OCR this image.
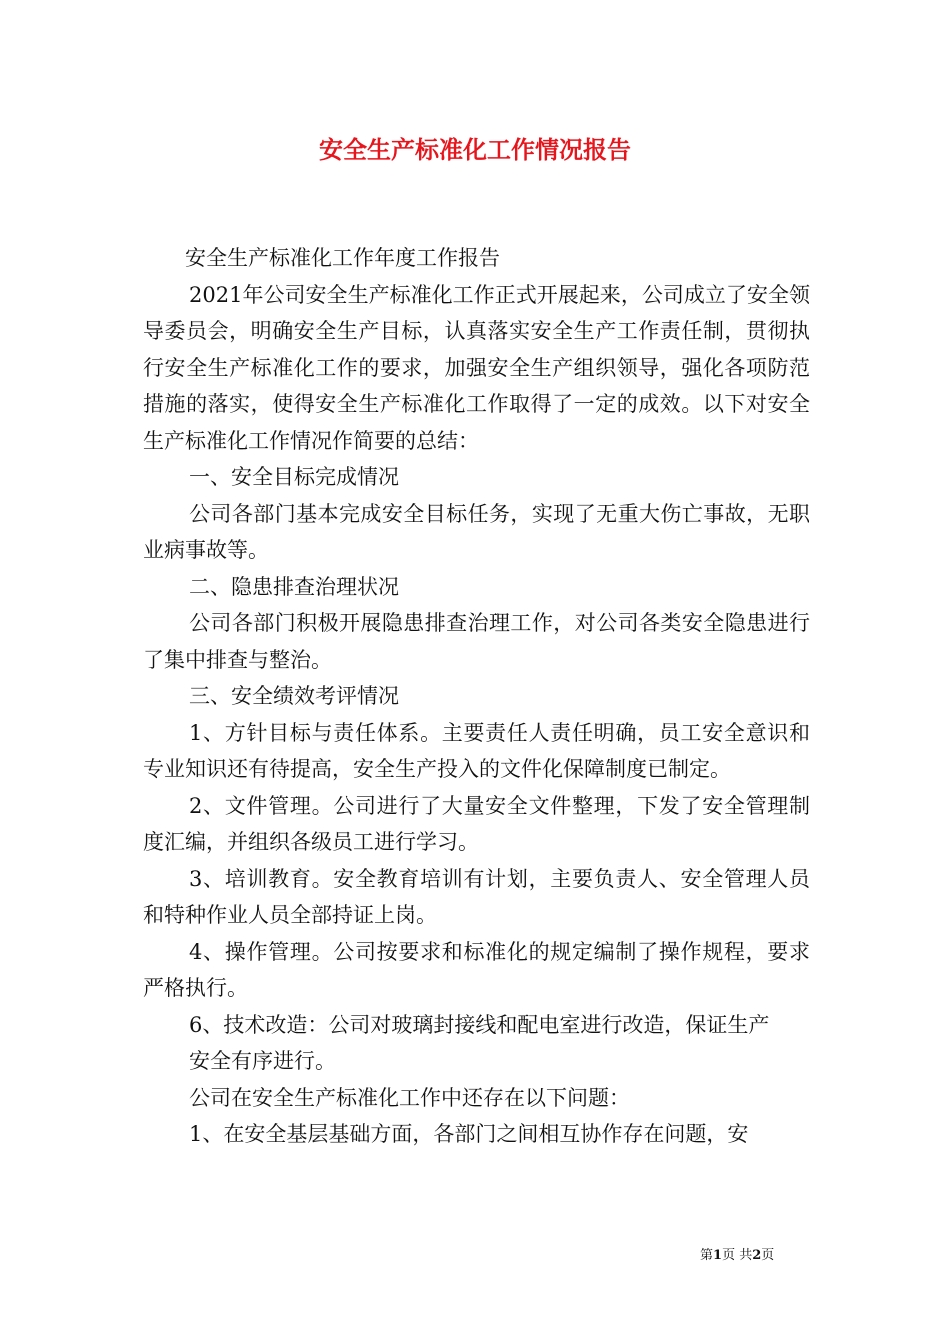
安全生产标准化工作情况报告

安全生产标准化工作年度工作报告

2021年公司安全生产标准化工作正式开展起来，公司成立了安全领导委员会，明确安全生产目标，认真落实安全生产工作责任制，贯彻执行安全生产标准化工作的要求，加强安全生产组织领导，强化各项防范措施的落实，使得安全生产标准化工作取得了一定的成效。以下对安全生产标准化工作情况作简要的总结：

一、安全目标完成情况

公司各部门基本完成安全目标任务，实现了无重大伤亡事故，无职业病事故等。

二、隐患排查治理状况

公司各部门积极开展隐患排查治理工作，对公司各类安全隐患进行了集中排查与整治。

三、安全绩效考评情况

1、方针目标与责任体系。主要责任人责任明确，员工安全意识和专业知识还有待提高，安全生产投入的文件化保障制度已制定。

2、文件管理。公司进行了大量安全文件整理，下发了安全管理制度汇编，并组织各级员工进行学习。

3、培训教育。安全教育培训有计划，主要负责人、安全管理人员和特种作业人员全部持证上岗。

4、操作管理。公司按要求和标准化的规定编制了操作规程，要求严格执行。

6、技术改造：公司对玻璃封接线和配电室进行改造，保证生产

安全有序进行。

公司在安全生产标准化工作中还存在以下问题：

1、在安全基层基础方面，各部门之间相互协作存在问题，安

第1页 共2页
